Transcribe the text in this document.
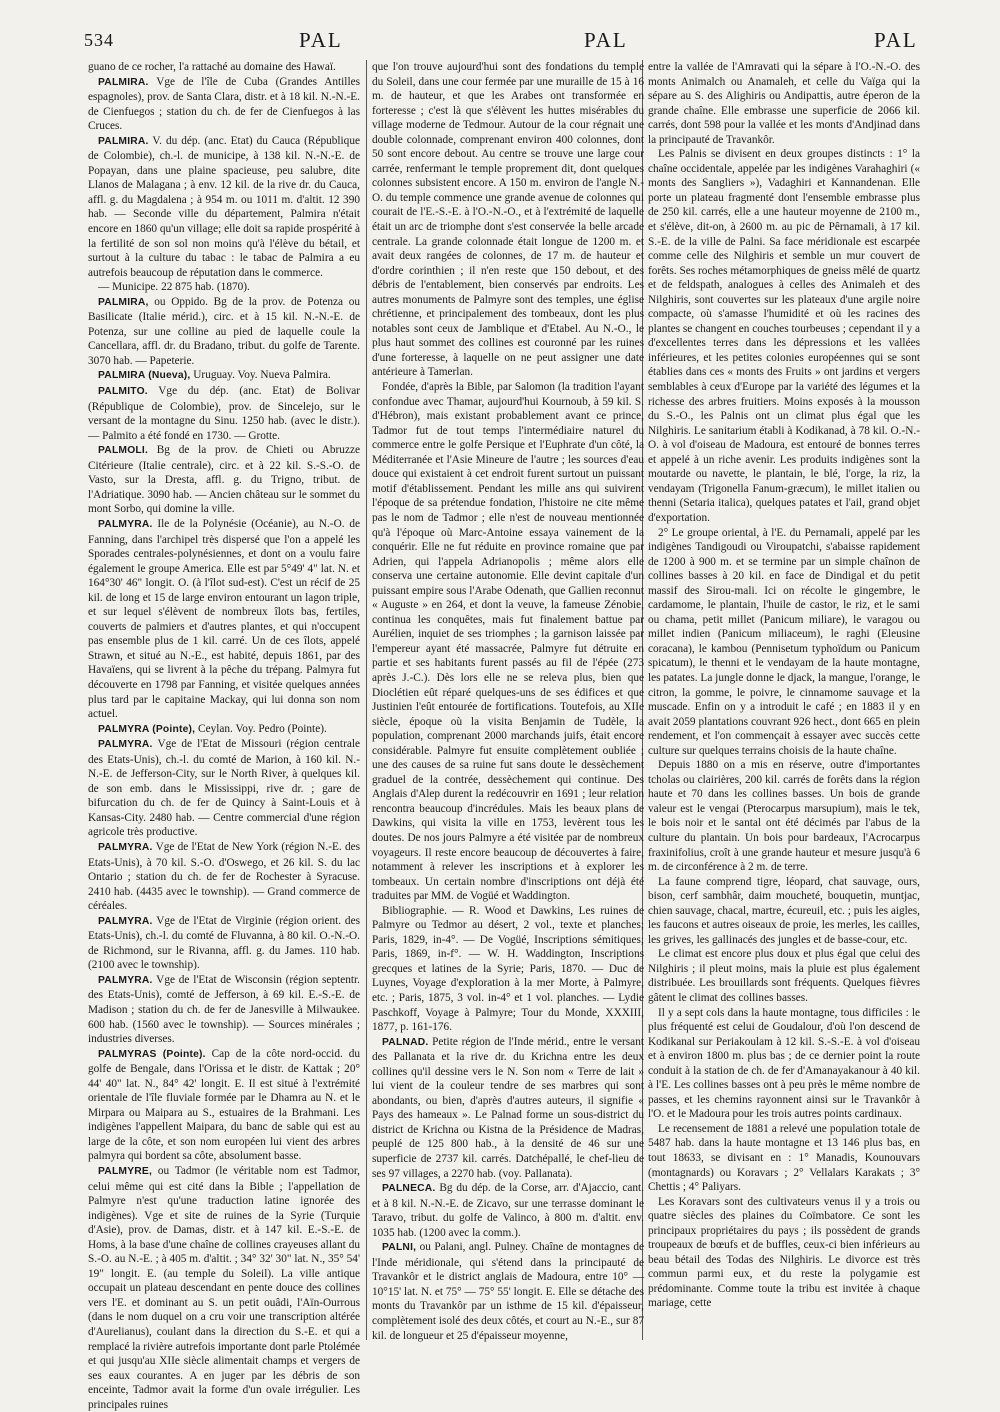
534	PAL	PAL	PAL

guano de ce rocher, l'a rattaché au domaine des Hawaï.

PALMIRA. Vge de l'île de Cuba (Grandes Antilles espagnoles), prov. de Santa Clara, distr. et à 18 kil. N.-N.-E. de Cienfuegos ; station du ch. de fer de Cienfuegos à las Cruces.

PALMIRA. V. du dép. (anc. Etat) du Cauca (République de Colombie), ch.-l. de municipe, à 138 kil. N.-N.-E. de Popayan, dans une plaine spacieuse, peu salubre, dite Llanos de Malagana ; à env. 12 kil. de la rive dr. du Cauca, affl. g. du Magdalena ; à 954 m. ou 1011 m. d'altit. 12 390 hab. — Seconde ville du département, Palmira n'était encore en 1860 qu'un village; elle doit sa rapide prospérité à la fertilité de son sol non moins qu'à l'élève du bétail, et surtout à la culture du tabac : le tabac de Palmira a eu autrefois beaucoup de réputation dans le commerce.

— Municipe. 22 875 hab. (1870).

PALMIRA, ou Oppido. Bg de la prov. de Potenza ou Basilicate (Italie mérid.), circ. et à 15 kil. N.-N.-E. de Potenza, sur une colline au pied de laquelle coule la Cancellara, affl. dr. du Bradano, tribut. du golfe de Tarente. 3070 hab. — Papeterie.

PALMIRA (Nueva), Uruguay. Voy. Nueva Palmira.

PALMITO. Vge du dép. (anc. Etat) de Bolivar (République de Colombie), prov. de Sincelejo, sur le versant de la montagne du Sinu. 1250 hab. (avec le distr.). — Palmito a été fondé en 1730. — Grotte.

PALMOLI. Bg de la prov. de Chieti ou Abruzze Citérieure (Italie centrale), circ. et à 22 kil. S.-S.-O. de Vasto, sur la Dresta, affl. g. du Trigno, tribut. de l'Adriatique. 3090 hab. — Ancien château sur le sommet du mont Sorbo, qui domine la ville.

PALMYRA. Ile de la Polynésie (Océanie), au N.-O. de Fanning, dans l'archipel très dispersé que l'on a appelé les Sporades centrales-polynésiennes, et dont on a voulu faire également le groupe America. Elle est par 5°49' 4" lat. N. et 164°30' 46" longit. O. (à l'îlot sud-est). C'est un récif de 25 kil. de long et 15 de large environ entourant un lagon triple, et sur lequel s'élèvent de nombreux îlots bas, fertiles, couverts de palmiers et d'autres plantes, et qui n'occupent pas ensemble plus de 1 kil. carré. Un de ces îlots, appelé Strawn, et situé au N.-E., est habité, depuis 1861, par des Havaïens, qui se livrent à la pêche du trépang. Palmyra fut découverte en 1798 par Fanning, et visitée quelques années plus tard par le capitaine Mackay, qui lui donna son nom actuel.

PALMYRA (Pointe), Ceylan. Voy. Pedro (Pointe).

PALMYRA. Vge de l'Etat de Missouri (région centrale des Etats-Unis), ch.-l. du comté de Marion, à 160 kil. N.-N.-E. de Jefferson-City, sur le North River, à quelques kil. de son emb. dans le Mississippi, rive dr. ; gare de bifurcation du ch. de fer de Quincy à Saint-Louis et à Kansas-City. 2480 hab. — Centre commercial d'une région agricole très productive.

PALMYRA. Vge de l'Etat de New York (région N.-E. des Etats-Unis), à 70 kil. S.-O. d'Oswego, et 26 kil. S. du lac Ontario ; station du ch. de fer de Rochester à Syracuse. 2410 hab. (4435 avec le township). — Grand commerce de céréales.

PALMYRA. Vge de l'Etat de Virginie (région orient. des Etats-Unis), ch.-l. du comté de Fluvanna, à 80 kil. O.-N.-O. de Richmond, sur le Rivanna, affl. g. du James. 110 hab. (2100 avec le township).

PALMYRA. Vge de l'Etat de Wisconsin (région septentr. des Etats-Unis), comté de Jefferson, à 69 kil. E.-S.-E. de Madison ; station du ch. de fer de Janesville à Milwaukee. 600 hab. (1560 avec le township). — Sources minérales ; industries diverses.

PALMYRAS (Pointe). Cap de la côte nord-occid. du golfe de Bengale, dans l'Orissa et le distr. de Kattak ; 20° 44' 40" lat. N., 84° 42' longit. E. Il est situé à l'extrémité orientale de l'île fluviale formée par le Dhamra au N. et le Mirpara ou Maipara au S., estuaires de la Brahmani. Les indigènes l'appellent Maipara, du banc de sable qui est au large de la côte, et son nom européen lui vient des arbres palmyra qui bordent sa côte, absolument basse.

PALMYRE, ou Tadmor (le véritable nom est Tadmor, celui même qui est cité dans la Bible ; l'appellation de Palmyre n'est qu'une traduction latine ignorée des indigènes). Vge et site de ruines de la Syrie (Turquie d'Asie), prov. de Damas, distr. et à 147 kil. E.-S.-E. de Homs, à la base d'une chaîne de collines crayeuses allant du S.-O. au N.-E. ; à 405 m. d'altit. ; 34° 32' 30" lat. N., 35° 54' 19" longit. E. (au temple du Soleil). La ville antique occupait un plateau descendant en pente douce des collines vers l'E. et dominant au S. un petit ouâdi, l'Aïn-Ourrous (dans le nom duquel on a cru voir une transcription altérée d'Aurelianus), coulant dans la direction du S.-E. et qui a remplacé la rivière autrefois importante dont parle Ptolémée et qui jusqu'au XIIe siècle alimentait champs et vergers de ses eaux courantes. A en juger par les débris de son enceinte, Tadmor avait la forme d'un ovale irrégulier. Les principales ruines

que l'on trouve aujourd'hui sont des fondations du temple du Soleil, dans une cour fermée par une muraille de 15 à 16 m. de hauteur, et que les Arabes ont transformée en forteresse ; c'est là que s'élèvent les huttes misérables du village moderne de Tedmour. Autour de la cour régnait une double colonnade, comprenant environ 400 colonnes, dont 50 sont encore debout. Au centre se trouve une large cour carrée, renfermant le temple proprement dit, dont quelques colonnes subsistent encore. A 150 m. environ de l'angle N.-O. du temple commence une grande avenue de colonnes qui courait de l'E.-S.-E. à l'O.-N.-O., et à l'extrémité de laquelle était un arc de triomphe dont s'est conservée la belle arcade centrale. La grande colonnade était longue de 1200 m. et avait deux rangées de colonnes, de 17 m. de hauteur et d'ordre corinthien ; il n'en reste que 150 debout, et des débris de l'entablement, bien conservés par endroits. Les autres monuments de Palmyre sont des temples, une église chrétienne, et principalement des tombeaux, dont les plus notables sont ceux de Jamblique et d'Etabel. Au N.-O., le plus haut sommet des collines est couronné par les ruines d'une forteresse, à laquelle on ne peut assigner une date antérieure à Tamerlan.

Fondée, d'après la Bible, par Salomon (la tradition l'ayant confondue avec Thamar, aujourd'hui Kournoub, à 59 kil. S. d'Hébron), mais existant probablement avant ce prince, Tadmor fut de tout temps l'intermédiaire naturel du commerce entre le golfe Persique et l'Euphrate d'un côté, la Méditerranée et l'Asie Mineure de l'autre ; les sources d'eau douce qui existaient à cet endroit furent surtout un puissant motif d'établissement. Pendant les mille ans qui suivirent l'époque de sa prétendue fondation, l'histoire ne cite même pas le nom de Tadmor ; elle n'est de nouveau mentionnée qu'à l'époque où Marc-Antoine essaya vainement de la conquérir. Elle ne fut réduite en province romaine que par Adrien, qui l'appela Adrianopolis ; même alors elle conserva une certaine autonomie. Elle devint capitale d'un puissant empire sous l'Arabe Odenath, que Gallien reconnut « Auguste » en 264, et dont la veuve, la fameuse Zénobie, continua les conquêtes, mais fut finalement battue par Aurélien, inquiet de ses triomphes ; la garnison laissée par l'empereur ayant été massacrée, Palmyre fut détruite en partie et ses habitants furent passés au fil de l'épée (273 après J.-C.). Dès lors elle ne se releva plus, bien que Dioclétien eût réparé quelques-uns de ses édifices et que Justinien l'eût entourée de fortifications. Toutefois, au XIIe siècle, époque où la visita Benjamin de Tudèle, la population, comprenant 2000 marchands juifs, était encore considérable. Palmyre fut ensuite complètement oubliée ; une des causes de sa ruine fut sans doute le dessèchement graduel de la contrée, dessèchement qui continue. Des Anglais d'Alep durent la redécouvrir en 1691 ; leur relation rencontra beaucoup d'incrédules. Mais les beaux plans de Dawkins, qui visita la ville en 1753, levèrent tous les doutes. De nos jours Palmyre a été visitée par de nombreux voyageurs. Il reste encore beaucoup de découvertes à faire, notamment à relever les inscriptions et à explorer les tombeaux. Un certain nombre d'inscriptions ont déjà été traduites par MM. de Vogüé et Waddington.

Bibliographie. — R. Wood et Dawkins, Les ruines de Palmyre ou Tedmor au désert, 2 vol., texte et planches; Paris, 1829, in-4°. — De Vogüé, Inscriptions sémitiques; Paris, 1869, in-f°. — W. H. Waddington, Inscriptions grecques et latines de la Syrie; Paris, 1870. — Duc de Luynes, Voyage d'exploration à la mer Morte, à Palmyre, etc. ; Paris, 1875, 3 vol. in-4° et 1 vol. planches. — Lydie Paschkoff, Voyage à Palmyre; Tour du Monde, XXXIII, 1877, p. 161-176.

PALNAD. Petite région de l'Inde mérid., entre le versant des Pallanata et la rive dr. du Krichna entre les deux collines qu'il dessine vers le N. Son nom « Terre de lait » lui vient de la couleur tendre de ses marbres qui sont abondants, ou bien, d'après d'autres auteurs, il signifie « Pays des hameaux ». Le Palnad forme un sous-district du district de Krichna ou Kistna de la Présidence de Madras, peuplé de 125 800 hab., à la densité de 46 sur une superficie de 2737 kil. carrés. Datchépallé, le chef-lieu de ses 97 villages, a 2270 hab. (voy. Pallanata).

PALNECA. Bg du dép. de la Corse, arr. d'Ajaccio, cant. et à 8 kil. N.-N.-E. de Zicavo, sur une terrasse dominant le Taravo, tribut. du golfe de Valinco, à 800 m. d'altit. env. 1035 hab. (1200 avec la comm.).

PALNI, ou Palani, angl. Pulney. Chaîne de montagnes de l'Inde méridionale, qui s'étend dans la principauté de Travankôr et le district anglais de Madoura, entre 10° — 10°15' lat. N. et 75° — 75° 55' longit. E. Elle se détache des monts du Travankôr par un isthme de 15 kil. d'épaisseur, complètement isolé des deux côtés, et court au N.-E., sur 87 kil. de longueur et 25 d'épaisseur moyenne,

entre la vallée de l'Amravati qui la sépare à l'O.-N.-O. des monts Animalch ou Anamaleh, et celle du Vaïga qui la sépare au S. des Alighiris ou Andipattis, autre éperon de la grande chaîne. Elle embrasse une superficie de 2066 kil. carrés, dont 598 pour la vallée et les monts d'Andjinad dans la principauté de Travankôr.

Les Palnis se divisent en deux groupes distincts : 1° la chaîne occidentale, appelée par les indigènes Varahaghiri (« monts des Sangliers »), Vadaghiri et Kannandenan. Elle porte un plateau fragmenté dont l'ensemble embrasse plus de 250 kil. carrés, elle a une hauteur moyenne de 2100 m., et s'élève, dit-on, à 2600 m. au pic de Pêrnamali, à 17 kil. S.-E. de la ville de Palni. Sa face méridionale est escarpée comme celle des Nilghiris et semble un mur couvert de forêts. Ses roches métamorphiques de gneiss mêlé de quartz et de feldspath, analogues à celles des Animaleh et des Nilghiris, sont couvertes sur les plateaux d'une argile noire compacte, où s'amasse l'humidité et où les racines des plantes se changent en couches tourbeuses ; cependant il y a d'excellentes terres dans les dépressions et les vallées inférieures, et les petites colonies européennes qui se sont établies dans ces « monts des Fruits » ont jardins et vergers semblables à ceux d'Europe par la variété des légumes et la richesse des arbres fruitiers. Moins exposés à la mousson du S.-O., les Palnis ont un climat plus égal que les Nilghiris. Le sanitarium établi à Kodikanad, à 78 kil. O.-N.-O. à vol d'oiseau de Madoura, est entouré de bonnes terres et appelé à un riche avenir. Les produits indigènes sont la moutarde ou navette, le plantain, le blé, l'orge, la riz, la vendayam (Trigonella Fanum-græcum), le millet italien ou thenni (Setaria italica), quelques patates et l'ail, grand objet d'exportation.

2° Le groupe oriental, à l'E. du Pernamali, appelé par les indigènes Tandigoudi ou Viroupatchi, s'abaisse rapidement de 1200 à 900 m. et se termine par un simple chaînon de collines basses à 20 kil. en face de Dindigal et du petit massif des Sirou-mali. Ici on récolte le gingembre, le cardamome, le plantain, l'huile de castor, le riz, et le sami ou chama, petit millet (Panicum miliare), le varagou ou millet indien (Panicum miliaceum), le raghi (Eleusine coracana), le kambou (Pennisetum typhoïdum ou Panicum spicatum), le thenni et le vendayam de la haute montagne, les patates. La jungle donne le djack, la mangue, l'orange, le citron, la gomme, le poivre, le cinnamome sauvage et la muscade. Enfin on y a introduit le café ; en 1883 il y en avait 2059 plantations couvrant 926 hect., dont 665 en plein rendement, et l'on commençait à essayer avec succès cette culture sur quelques terrains choisis de la haute chaîne.

Depuis 1880 on a mis en réserve, outre d'importantes tcholas ou clairières, 200 kil. carrés de forêts dans la région haute et 70 dans les collines basses. Un bois de grande valeur est le vengai (Pterocarpus marsupium), mais le tek, le bois noir et le santal ont été décimés par l'abus de la culture du plantain. Un bois pour bardeaux, l'Acrocarpus fraxinifolius, croît à une grande hauteur et mesure jusqu'à 6 m. de circonférence à 2 m. de terre.

La faune comprend tigre, léopard, chat sauvage, ours, bison, cerf sambhâr, daim moucheté, bouquetin, muntjac, chien sauvage, chacal, martre, écureuil, etc. ; puis les aigles, les faucons et autres oiseaux de proie, les merles, les cailles, les grives, les gallinacés des jungles et de basse-cour, etc.

Le climat est encore plus doux et plus égal que celui des Nilghiris ; il pleut moins, mais la pluie est plus également distribuée. Les brouillards sont fréquents. Quelques fièvres gâtent le climat des collines basses.

Il y a sept cols dans la haute montagne, tous difficiles : le plus fréquenté est celui de Goudalour, d'où l'on descend de Kodikanal sur Periakoulam à 12 kil. S.-S.-E. à vol d'oiseau et à environ 1800 m. plus bas ; de ce dernier point la route conduit à la station de ch. de fer d'Amanayakanour à 40 kil. à l'E. Les collines basses ont à peu près le même nombre de passes, et les chemins rayonnent ainsi sur le Travankôr à l'O. et le Madoura pour les trois autres points cardinaux.

Le recensement de 1881 a relevé une population totale de 5487 hab. dans la haute montagne et 13 146 plus bas, en tout 18633, se divisant en : 1° Manadis, Kounouvars (montagnards) ou Koravars ; 2° Vellalars Karakats ; 3° Chettis ; 4° Paliyars.

Les Koravars sont des cultivateurs venus il y a trois ou quatre siècles des plaines du Coïmbatore. Ce sont les principaux propriétaires du pays ; ils possèdent de grands troupeaux de bœufs et de buffles, ceux-ci bien inférieurs au beau bétail des Todas des Nilghiris. Le divorce est très commun parmi eux, et du reste la polygamie est prédominante. Comme toute la tribu est invitée à chaque mariage, cette
